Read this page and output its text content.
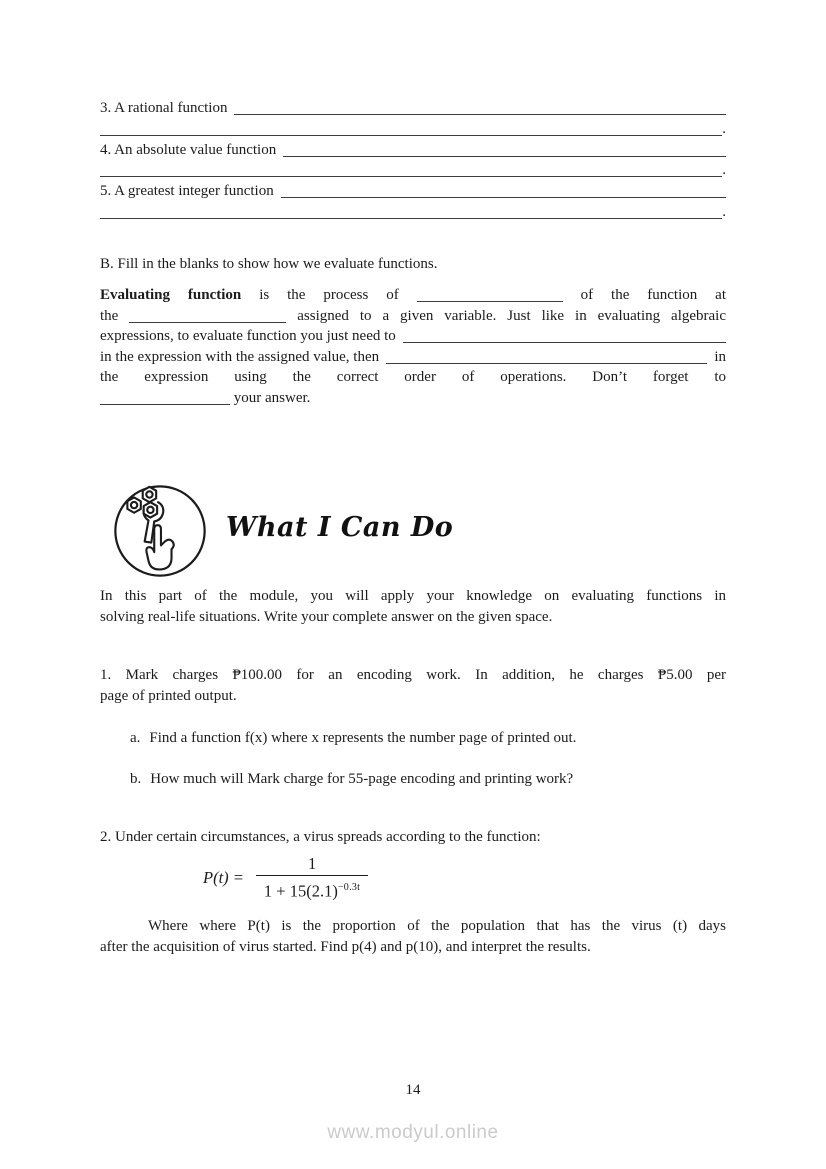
3. A rational function
.
4. An absolute value function
.
5. A greatest integer function
.
B. Fill in the blanks to show how we evaluate functions.
Evaluating function is the process of	of the function at
the	assigned to a given variable. Just like in evaluating algebraic
expressions, to evaluate function you just need to
in the expression with the assigned value, then	in
the expression using the correct order of operations. Don’t forget to
your answer.
What I Can Do
In this part of the module, you will apply your knowledge on evaluating functions in
solving real-life situations. Write your complete answer on the given space.
1. Mark charges ₱100.00 for an encoding work. In addition, he charges ₱5.00 per
page of printed output.
a. Find a function f(x) where x represents the number page of printed out.
b. How much will Mark charge for 55-page encoding and printing work?
2. Under certain circumstances, a virus spreads according to the function:
$P(t) = \frac{1}{1 + 15(2.1)^{-0.3t}}$
Where where P(t) is the proportion of the population that has the virus (t) days
after the acquisition of virus started. Find p(4) and p(10), and interpret the results.
14
www.modyul.online
